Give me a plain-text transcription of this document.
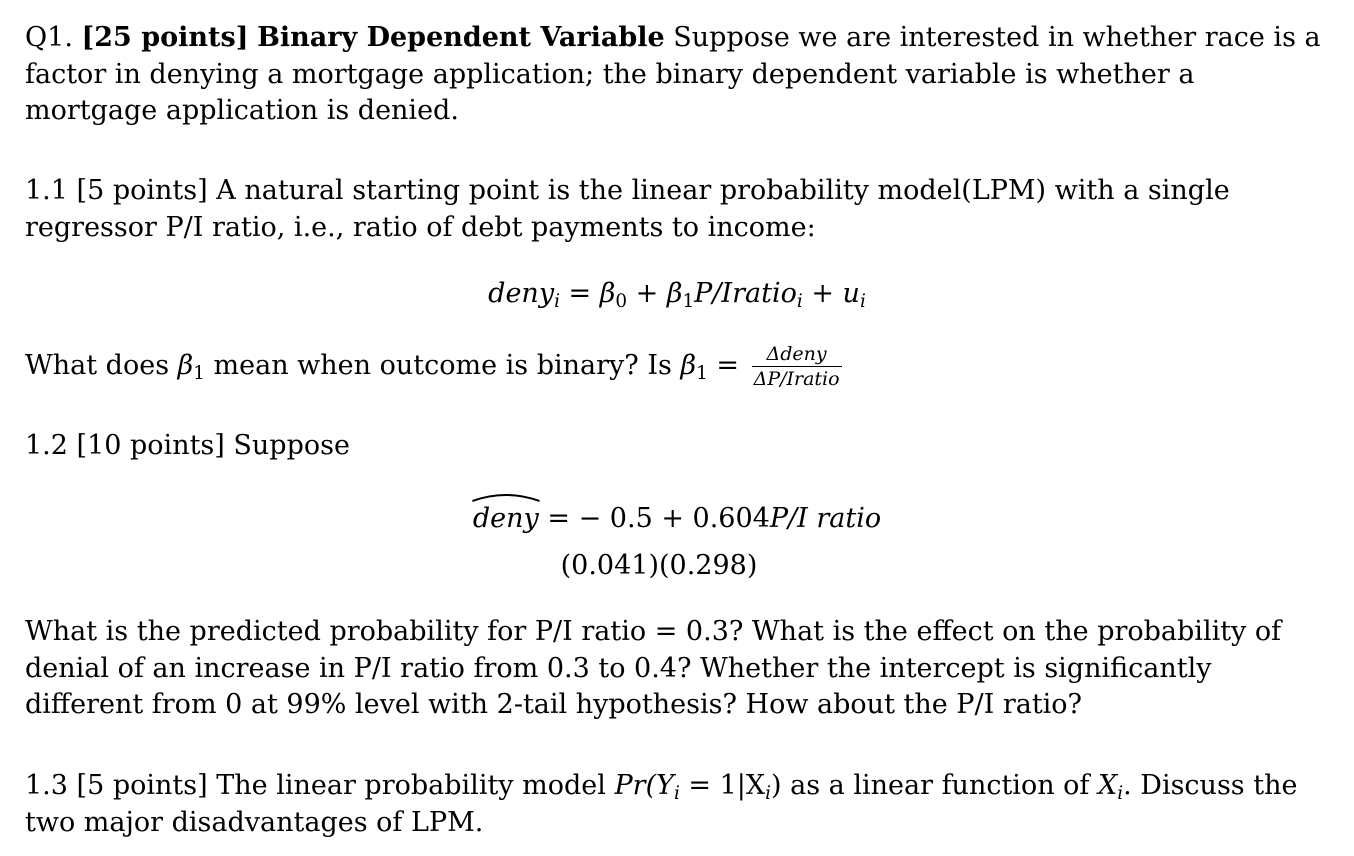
Q1. [25 points] Binary Dependent Variable Suppose we are interested in whether race is a factor in denying a mortgage application; the binary dependent variable is whether a mortgage application is denied.
1.1 [5 points] A natural starting point is the linear probability model(LPM) with a single regressor P/I ratio, i.e., ratio of debt payments to income:
deny$_i$ = $\beta_0$ + $\beta_1P/Iratio_i + u_i$
What does $\beta_1$ mean when outcome is binary? Is $\beta_1 = \frac{\text{Δdeny}}{\text{ΔP/Iratio}}$
1.2 [10 points] Suppose
deny = − 0.5 + 0.604P/I ratio
(0.041)(0.298)
What is the predicted probability for P/I ratio = 0.3? What is the effect on the probability of denial of an increase in P/I ratio from 0.3 to 0.4? Whether the intercept is significantly different from 0 at 99% level with 2-tail hypothesis? How about the P/I ratio?
1.3 [5 points] The linear probability model $Pr(Y_i = 1|X_i)$ as a linear function of $X_i$. Discuss the two major disadvantages of LPM.
